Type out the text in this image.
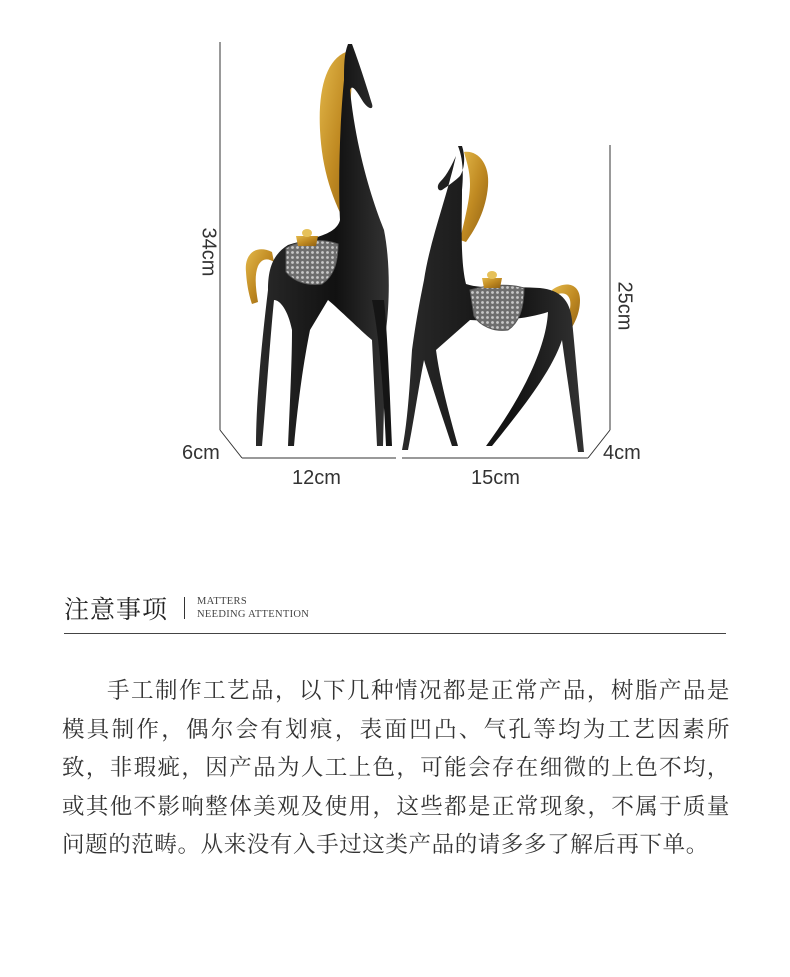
34cm
6cm
12cm
25cm
4cm
15cm
注意事项	MATTERS
NEEDING ATTENTION

手工制作工艺品，以下几种情况都是正常产品，树脂产品是模具制作，偶尔会有划痕，表面凹凸、气孔等均为工艺因素所致，非瑕疵，因产品为人工上色，可能会存在细微的上色不均，或其他不影响整体美观及使用，这些都是正常现象，不属于质量问题的范畴。从来没有入手过这类产品的请多多了解后再下单。
